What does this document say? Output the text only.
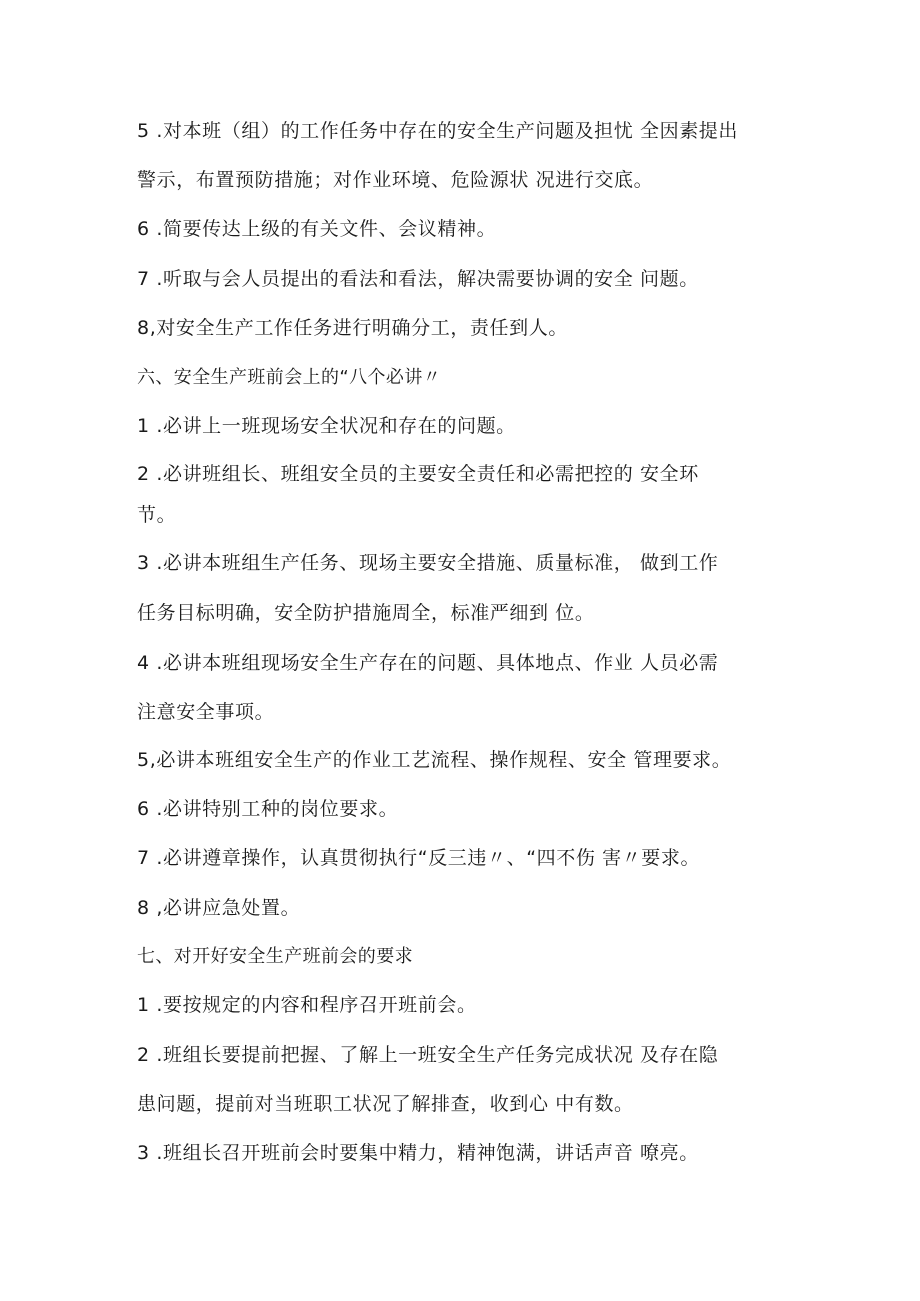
5 .对本班（组）的工作任务中存在的安全生产问题及担忧 全因素提出
警示，布置预防措施；对作业环境、危险源状 况进行交底。
6 .简要传达上级的有关文件、会议精神。
7 .听取与会人员提出的看法和看法，解决需要协调的安全 问题。
8,对安全生产工作任务进行明确分工，责任到人。
六、安全生产班前会上的“八个必讲〃
1 .必讲上一班现场安全状况和存在的问题。
2 .必讲班组长、班组安全员的主要安全责任和必需把控的 安全环
节。
3 .必讲本班组生产任务、现场主要安全措施、质量标准， 做到工作
任务目标明确，安全防护措施周全，标准严细到 位。
4 .必讲本班组现场安全生产存在的问题、具体地点、作业 人员必需
注意安全事项。
5,必讲本班组安全生产的作业工艺流程、操作规程、安全 管理要求。
6 .必讲特别工种的岗位要求。
7 .必讲遵章操作，认真贯彻执行“反三违〃、“四不伤 害〃要求。
8 ,必讲应急处置。
七、对开好安全生产班前会的要求
1 .要按规定的内容和程序召开班前会。
2 .班组长要提前把握、了解上一班安全生产任务完成状况 及存在隐
患问题，提前对当班职工状况了解排查，收到心 中有数。
3 .班组长召开班前会时要集中精力，精神饱满，讲话声音 嘹亮。
